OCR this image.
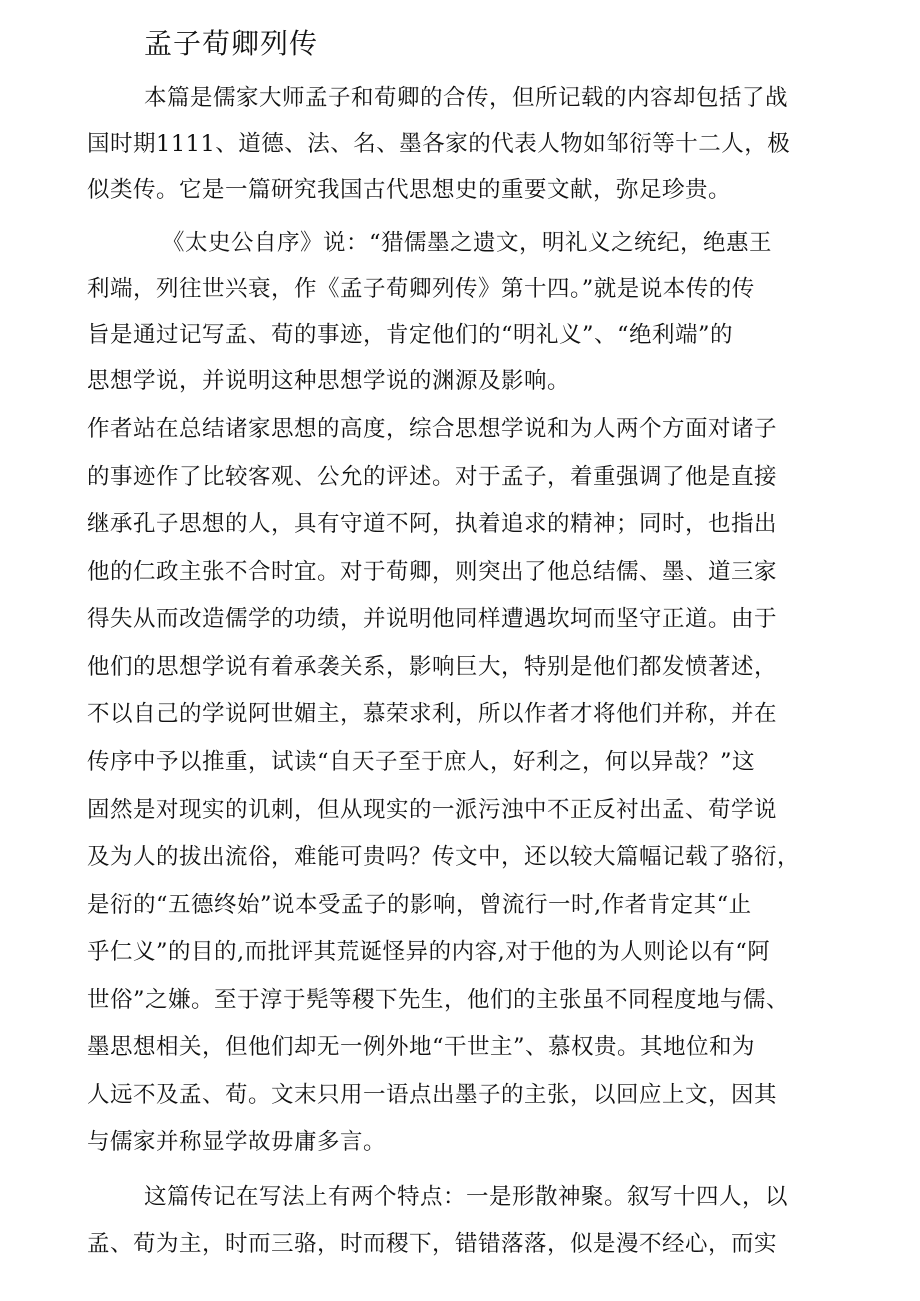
孟子荀卿列传
本篇是儒家大师孟子和荀卿的合传，但所记载的内容却包括了战
国时期1111、道德、法、名、墨各家的代表人物如邹衍等十二人，极
似类传。它是一篇研究我国古代思想史的重要文献，弥足珍贵。
《太史公自序》说：“猎儒墨之遗文，明礼义之统纪，绝惠王
利端，列往世兴衰，作《孟子荀卿列传》第十四。”就是说本传的传
旨是通过记写孟、荀的事迹，肯定他们的“明礼义”、“绝利端”的
思想学说，并说明这种思想学说的渊源及影响。
作者站在总结诸家思想的高度，综合思想学说和为人两个方面对诸子
的事迹作了比较客观、公允的评述。对于孟子，着重强调了他是直接
继承孔子思想的人，具有守道不阿，执着追求的精神；同时，也指出
他的仁政主张不合时宜。对于荀卿，则突出了他总结儒、墨、道三家
得失从而改造儒学的功绩，并说明他同样遭遇坎坷而坚守正道。由于
他们的思想学说有着承袭关系，影响巨大，特别是他们都发愤著述，
不以自己的学说阿世媚主，慕荣求利，所以作者才将他们并称，并在
传序中予以推重，试读“自天子至于庶人，好利之，何以异哉？”这
固然是对现实的讥刺，但从现实的一派污浊中不正反衬出孟、荀学说
及为人的拔出流俗，难能可贵吗？传文中，还以较大篇幅记载了骆衍，
是衍的“五德终始”说本受孟子的影响，曾流行一时,作者肯定其“止
乎仁义”的目的,而批评其荒诞怪异的内容,对于他的为人则论以有“阿
世俗”之嫌。至于淳于髡等稷下先生，他们的主张虽不同程度地与儒、
墨思想相关，但他们却无一例外地“干世主”、慕权贵。其地位和为
人远不及孟、荀。文末只用一语点出墨子的主张，以回应上文，因其
与儒家并称显学故毋庸多言。
这篇传记在写法上有两个特点：一是形散神聚。叙写十四人，以
孟、荀为主，时而三骆，时而稷下，错错落落，似是漫不经心，而实
